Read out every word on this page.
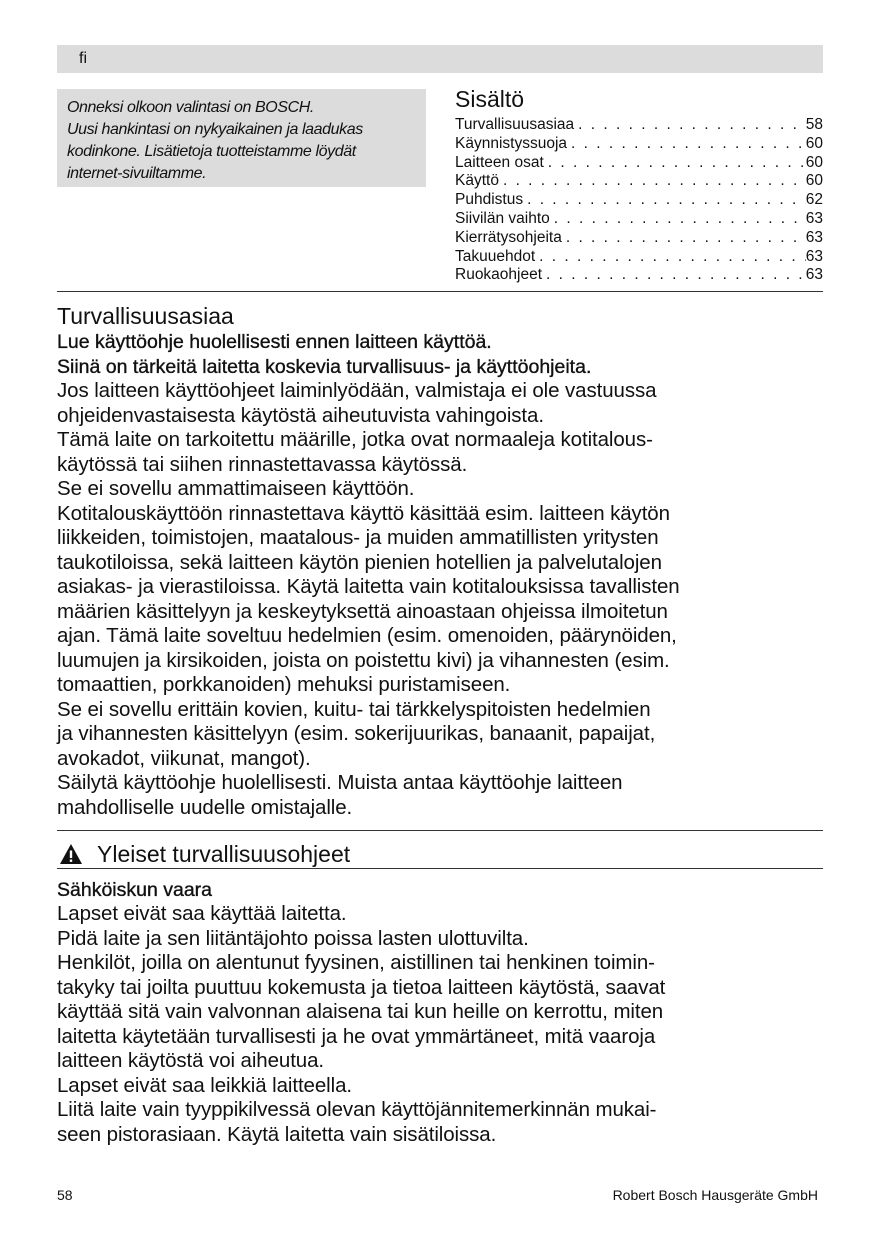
fi
Onneksi olkoon valintasi on BOSCH.
Uusi hankintasi on nykyaikainen ja laadukas
kodinkone. Lisätietoja tuotteistamme löydät
internet-sivuiltamme.
Sisältö
Turvallisuusasiaa . . .	58
Käynnistyssuoja . . .	60
Laitteen osat . . .	60
Käyttö . . .	60
Puhdistus . . .	62
Siivilän vaihto . . .	63
Kierrätysohjeita . . .	63
Takuuehdot . . .	63
Ruokaohjeet . . .	63
Turvallisuusasiaa

Lue käyttöohje huolellisesti ennen laitteen käyttöä.

Siinä on tärkeitä laitetta koskevia turvallisuus- ja käyttöohjeita.

Jos laitteen käyttöohjeet laiminlyödään, valmistaja ei ole vastuussa

ohjeidenvastaisesta käytöstä aiheutuvista vahingoista.

Tämä laite on tarkoitettu määrille, jotka ovat normaaleja kotitalous-

käytössä tai siihen rinnastettavassa käytössä.

Se ei sovellu ammattimaiseen käyttöön.

Kotitalouskäyttöön rinnastettava käyttö käsittää esim. laitteen käytön

liikkeiden, toimistojen, maatalous- ja muiden ammatillisten yritysten

taukotiloissa, sekä laitteen käytön pienien hotellien ja palvelutalojen

asiakas- ja vierastiloissa. Käytä laitetta vain kotitalouksissa tavallisten

määrien käsittelyyn ja keskeytyksettä ainoastaan ohjeissa ilmoitetun

ajan. Tämä laite soveltuu hedelmien (esim. omenoiden, päärynöiden,

luumujen ja kirsikoiden, joista on poistettu kivi) ja vihannesten (esim.

tomaattien, porkkanoiden) mehuksi puristamiseen.

Se ei sovellu erittäin kovien, kuitu- tai tärkkelyspitoisten hedelmien

ja vihannesten käsittelyyn (esim. sokerijuurikas, banaanit, papaijat,

avokadot, viikunat, mangot).

Säilytä käyttöohje huolellisesti. Muista antaa käyttöohje laitteen

mahdolliselle uudelle omistajalle.

Yleiset turvallisuusohjeet

Sähköiskun vaara

Lapset eivät saa käyttää laitetta.

Pidä laite ja sen liitäntäjohto poissa lasten ulottuvilta.

Henkilöt, joilla on alentunut fyysinen, aistillinen tai henkinen toimin-

takyky tai joilta puuttuu kokemusta ja tietoa laitteen käytöstä, saavat

käyttää sitä vain valvonnan alaisena tai kun heille on kerrottu, miten

laitetta käytetään turvallisesti ja he ovat ymmärtäneet, mitä vaaroja

laitteen käytöstä voi aiheutua.

Lapset eivät saa leikkiä laitteella.

Liitä laite vain tyyppikilvessä olevan käyttöjännitemerkinnän mukai-

seen pistorasiaan. Käytä laitetta vain sisätiloissa.

58	Robert Bosch Hausgeräte GmbH
